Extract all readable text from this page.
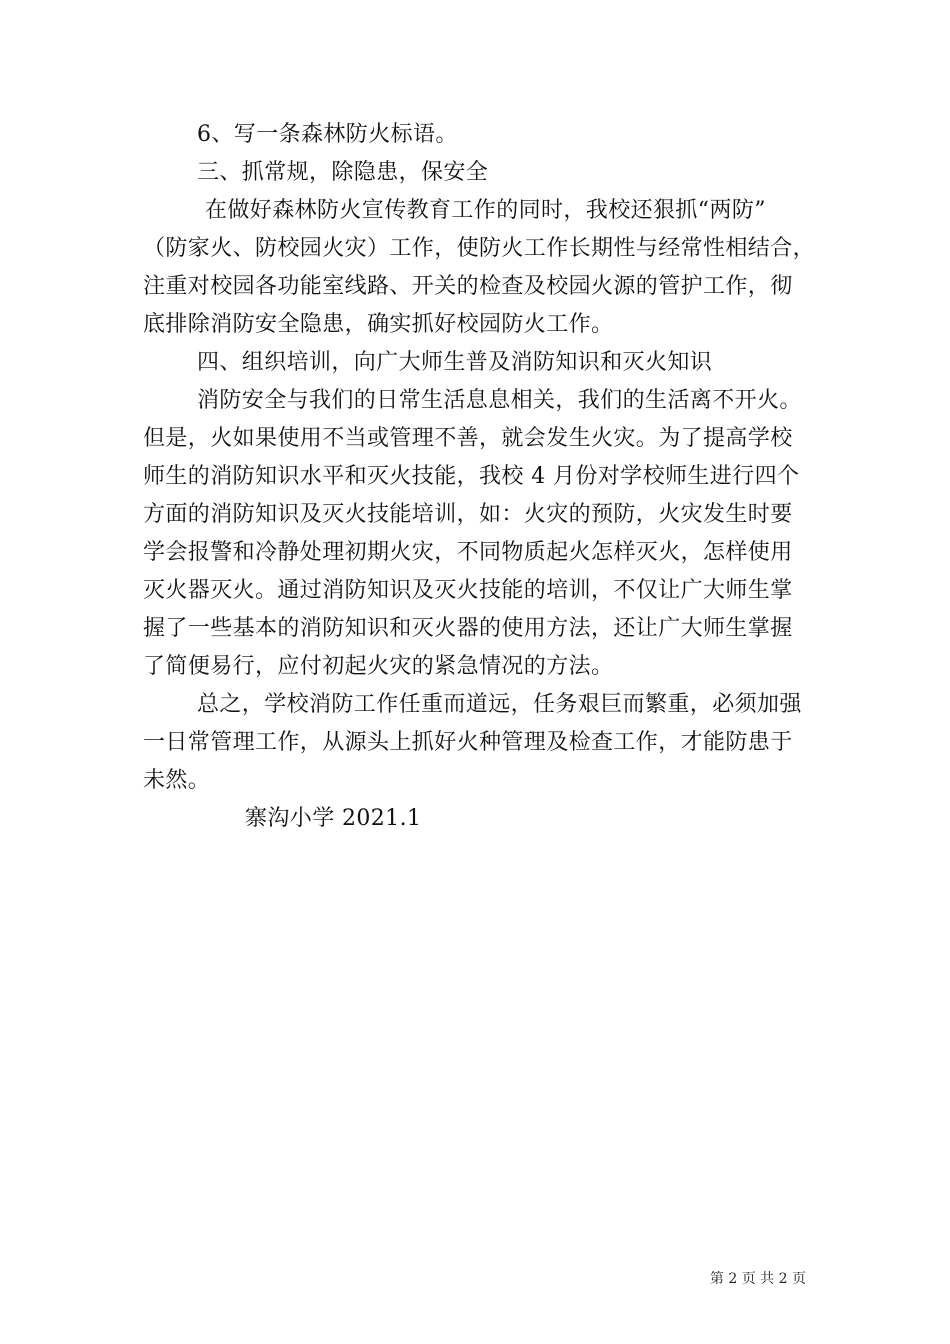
6、写一条森林防火标语。
三、抓常规，除隐患，保安全
在做好森林防火宣传教育工作的同时，我校还狠抓“两防”
（防家火、防校园火灾）工作，使防火工作长期性与经常性相结合，
注重对校园各功能室线路、开关的检查及校园火源的管护工作，彻
底排除消防安全隐患，确实抓好校园防火工作。
四、组织培训，向广大师生普及消防知识和灭火知识
消防安全与我们的日常生活息息相关，我们的生活离不开火。
但是，火如果使用不当或管理不善，就会发生火灾。为了提高学校
师生的消防知识水平和灭火技能，我校 4 月份对学校师生进行四个
方面的消防知识及灭火技能培训，如：火灾的预防，火灾发生时要
学会报警和冷静处理初期火灾，不同物质起火怎样灭火，怎样使用
灭火器灭火。通过消防知识及灭火技能的培训，不仅让广大师生掌
握了一些基本的消防知识和灭火器的使用方法，还让广大师生掌握
了简便易行，应付初起火灾的紧急情况的方法。
总之，学校消防工作任重而道远，任务艰巨而繁重，必须加强
一日常管理工作，从源头上抓好火种管理及检查工作，才能防患于
未然。
寨沟小学 2021.1
第 2 页 共 2 页
